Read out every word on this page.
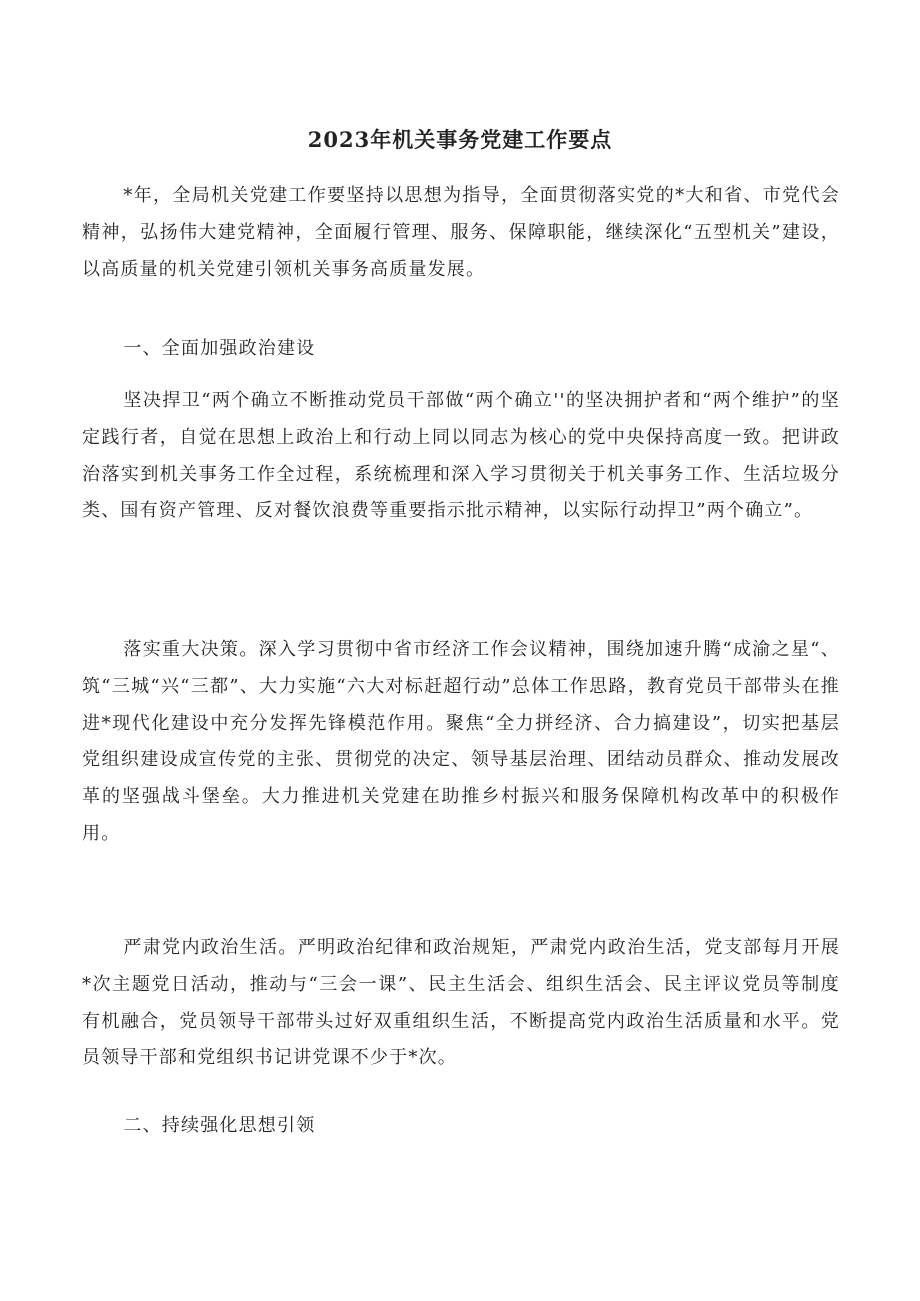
2023年机关事务党建工作要点

*年，全局机关党建工作要坚持以思想为指导，全面贯彻落实党的*大和省、市党代会精神，弘扬伟大建党精神，全面履行管理、服务、保障职能，继续深化“五型机关”建设，以高质量的机关党建引领机关事务高质量发展。

一、全面加强政治建设

坚决捍卫“两个确立不断推动党员干部做“两个确立''的坚决拥护者和“两个维护”的坚定践行者，自觉在思想上政治上和行动上同以同志为核心的党中央保持高度一致。把讲政治落实到机关事务工作全过程，系统梳理和深入学习贯彻关于机关事务工作、生活垃圾分类、国有资产管理、反对餐饮浪费等重要指示批示精神，以实际行动捍卫”两个确立”。

落实重大决策。深入学习贯彻中省市经济工作会议精神，围绕加速升腾“成渝之星“、筑“三城“兴“三都”、大力实施“六大对标赶超行动”总体工作思路，教育党员干部带头在推进*现代化建设中充分发挥先锋模范作用。聚焦“全力拼经济、合力搞建设”，切实把基层党组织建设成宣传党的主张、贯彻党的决定、领导基层治理、团结动员群众、推动发展改革的坚强战斗堡垒。大力推进机关党建在助推乡村振兴和服务保障机构改革中的积极作用。

严肃党内政治生活。严明政治纪律和政治规矩，严肃党内政治生活，党支部每月开展*次主题党日活动，推动与“三会一课”、民主生活会、组织生活会、民主评议党员等制度有机融合，党员领导干部带头过好双重组织生活，不断提高党内政治生活质量和水平。党员领导干部和党组织书记讲党课不少于*次。

二、持续强化思想引领
